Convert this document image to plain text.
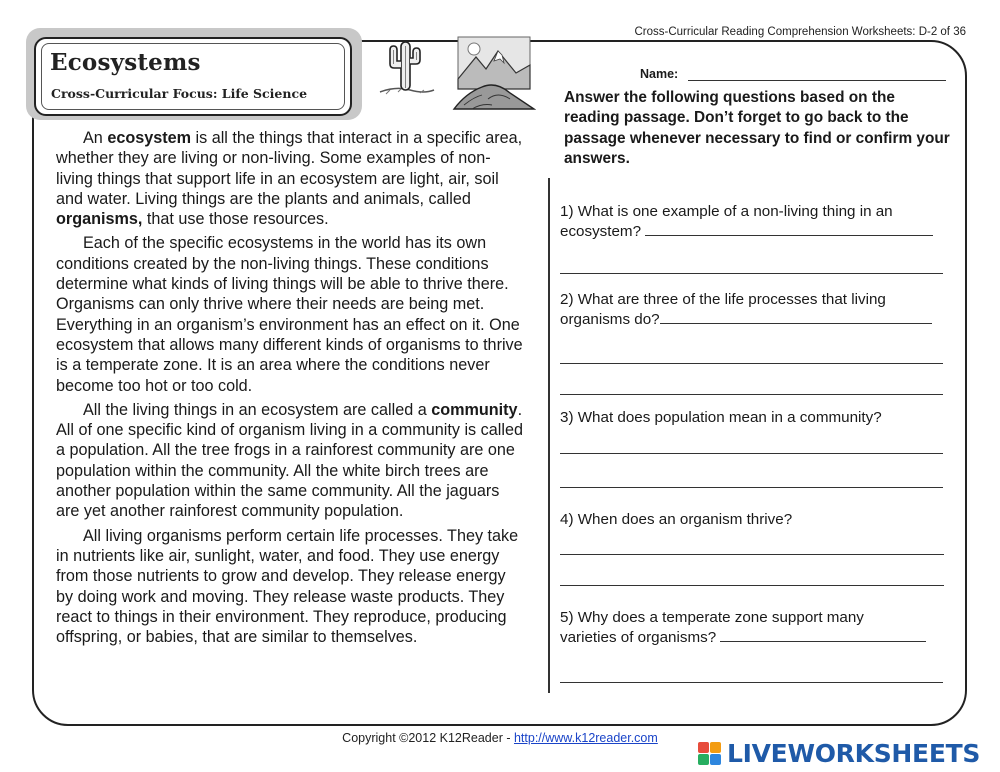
Cross-Curricular Reading Comprehension Worksheets: D-2 of 36
Ecosystems
Cross-Curricular Focus: Life Science

An ecosystem is all the things that interact in a specific area, whether they are living or non-living. Some examples of non-living things that support life in an ecosystem are light, air, soil and water. Living things are the plants and animals, called organisms, that use those resources.

Each of the specific ecosystems in the world has its own conditions created by the non-living things. These conditions determine what kinds of living things will be able to thrive there. Organisms can only thrive where their needs are being met. Everything in an organism’s environment has an effect on it. One ecosystem that allows many different kinds of organisms to thrive is a temperate zone. It is an area where the conditions never become too hot or too cold.

All the living things in an ecosystem are called a community. All of one specific kind of organism living in a community is called a population. All the tree frogs in a rainforest community are one population within the community. All the white birch trees are another population within the same community. All the jaguars are yet another rainforest community population.

All living organisms perform certain life processes. They take in nutrients like air, sunlight, water, and food. They use energy from those nutrients to grow and develop. They release energy by doing work and moving. They release waste products. They react to things in their environment. They reproduce, producing offspring, or babies, that are similar to themselves.

Name:
Answer the following questions based on the reading passage. Don’t forget to go back to the passage whenever necessary to find or confirm your answers.
1) What is one example of a non-living thing in an
ecosystem?
2) What are three of the life processes that living
organisms do?
3) What does population mean in a community?
4) When does an organism thrive?
5) Why does a temperate zone support many
varieties of organisms?
Copyright ©2012 K12Reader - http://www.k12reader.com
LIVEWORKSHEETS
